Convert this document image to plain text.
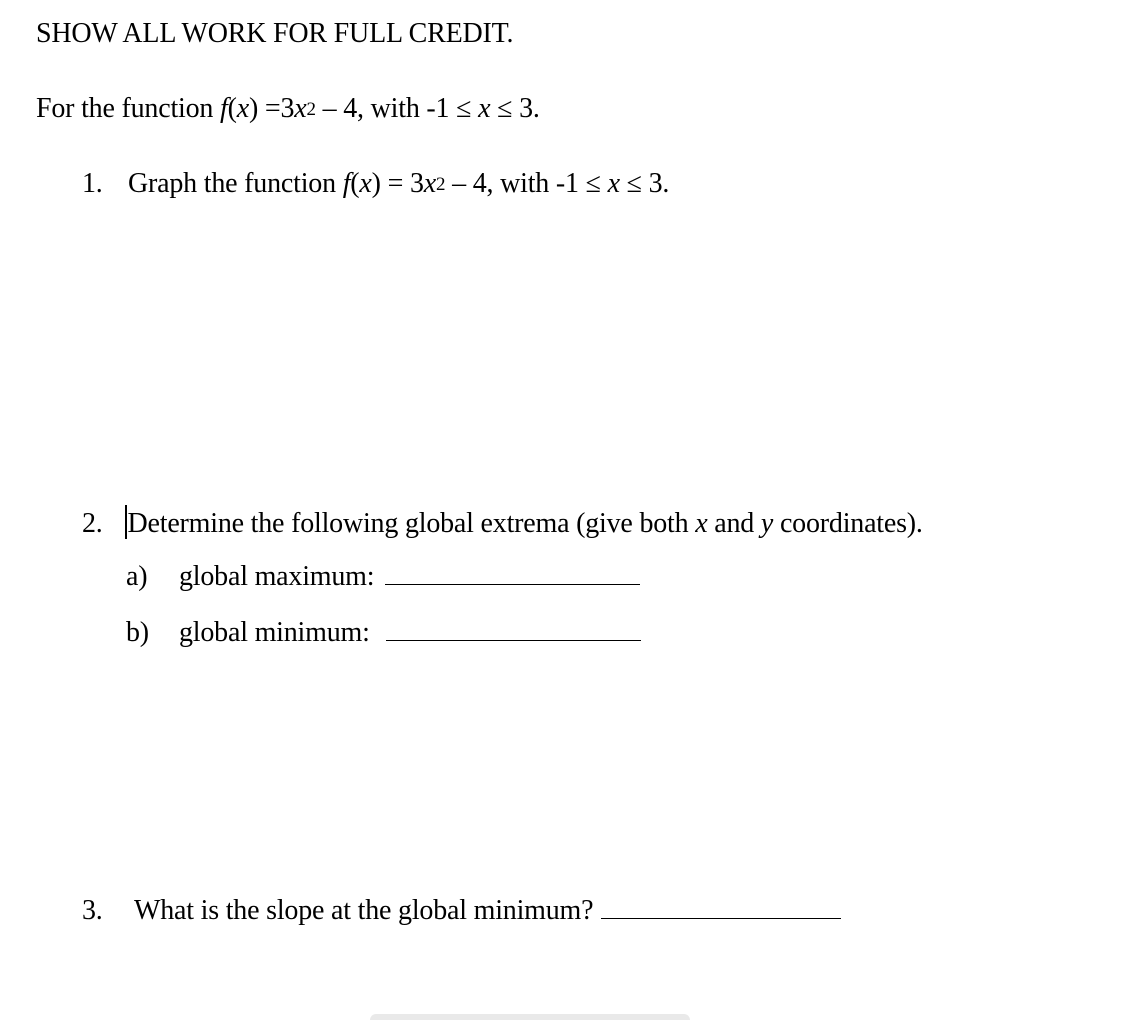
SHOW ALL WORK FOR FULL CREDIT.
For the function $f(x) =3x^2 - 4$, with -1 ≤ x ≤ 3.
1. Graph the function $f(x) = 3x^2 - 4$, with -1 ≤ x ≤ 3.
2. Determine the following global extrema (give both x and y coordinates).
a) global maximum:
b) global minimum:
3. What is the slope at the global minimum?
